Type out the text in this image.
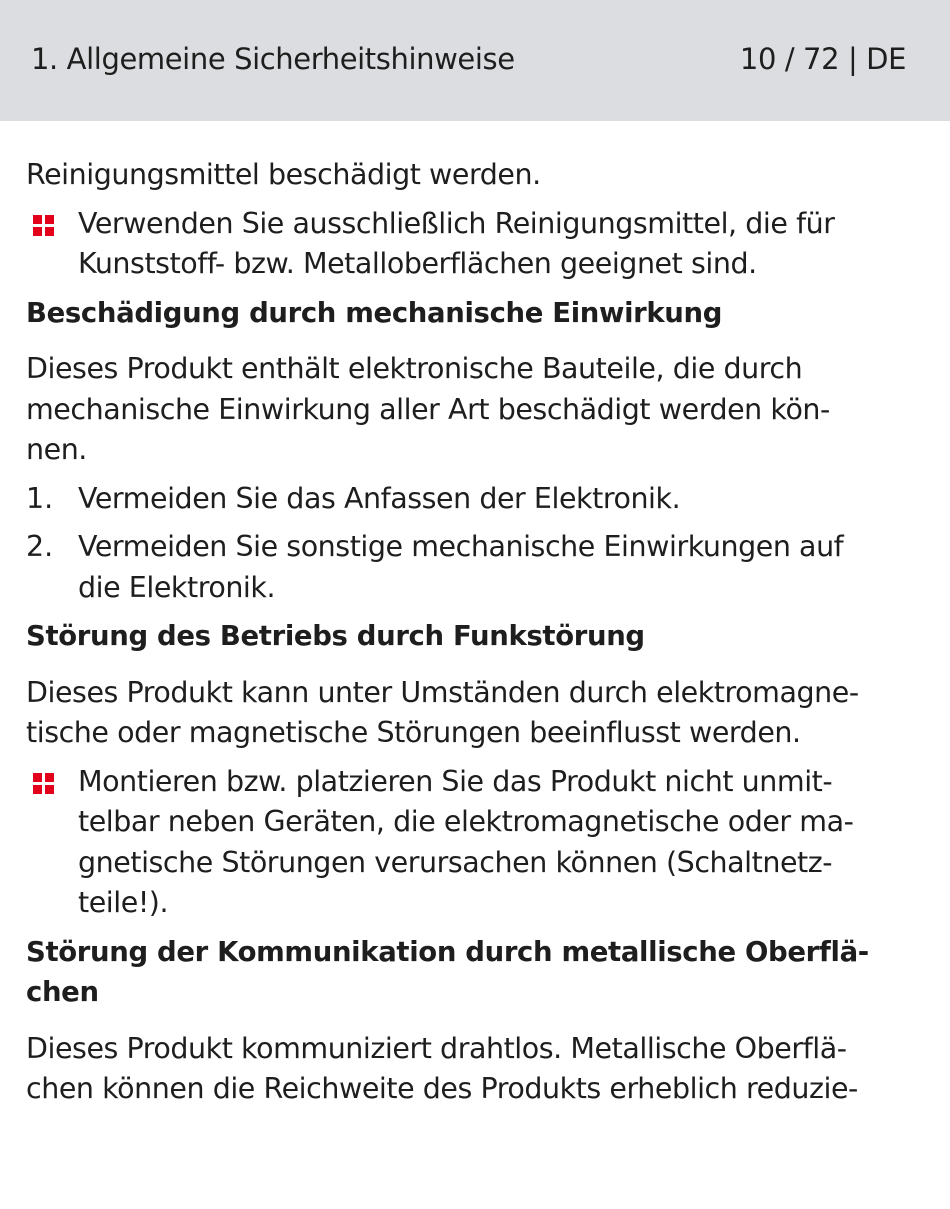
1. Allgemeine Sicherheitshinweise	10 / 72 | DE
Reinigungsmittel beschädigt werden.
Verwenden Sie ausschließlich Reinigungsmittel, die für
Kunststoff- bzw. Metalloberflächen geeignet sind.
Beschädigung durch mechanische Einwirkung
Dieses Produkt enthält elektronische Bauteile, die durch
mechanische Einwirkung aller Art beschädigt werden kön-
nen.
1. Vermeiden Sie das Anfassen der Elektronik.
2. Vermeiden Sie sonstige mechanische Einwirkungen auf
die Elektronik.
Störung des Betriebs durch Funkstörung
Dieses Produkt kann unter Umständen durch elektromagne-
tische oder magnetische Störungen beeinflusst werden.
Montieren bzw. platzieren Sie das Produkt nicht unmit-
telbar neben Geräten, die elektromagnetische oder ma-
gnetische Störungen verursachen können (Schaltnetz-
teile!).
Störung der Kommunikation durch metallische Oberflä-
chen
Dieses Produkt kommuniziert drahtlos. Metallische Oberflä-
chen können die Reichweite des Produkts erheblich reduzie-
